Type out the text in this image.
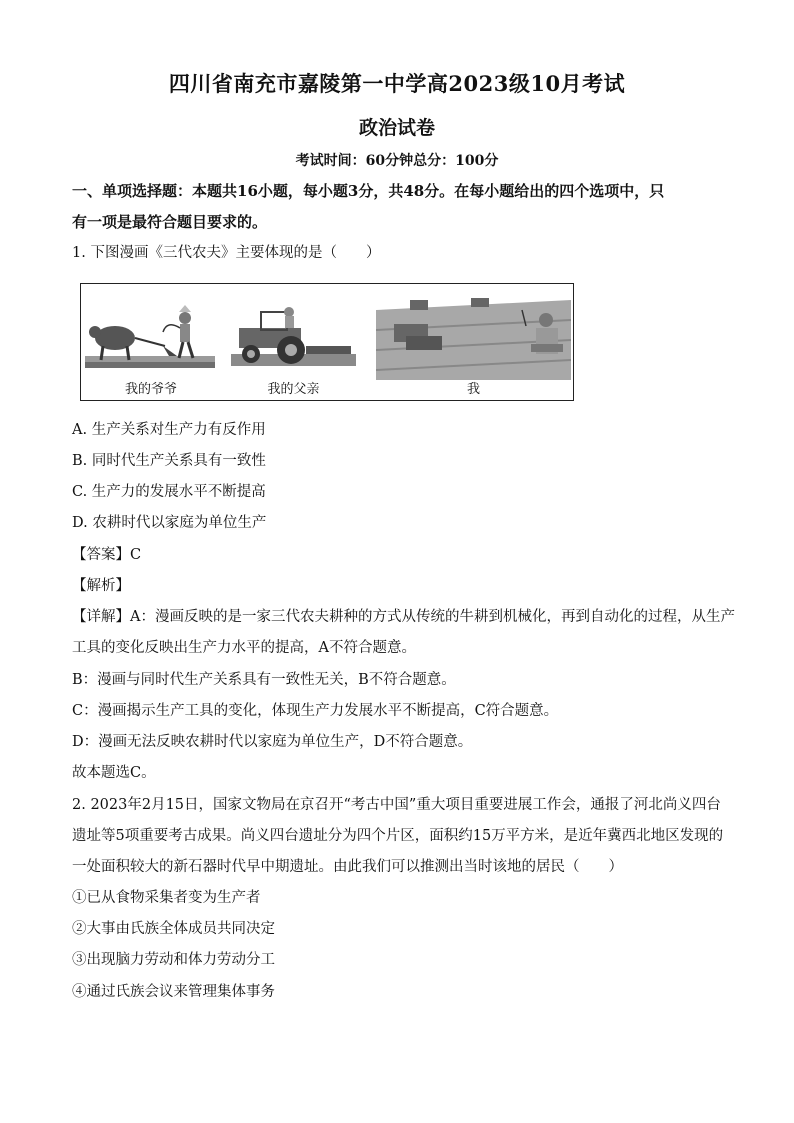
四川省南充市嘉陵第一中学高2023级10月考试
政治试卷
考试时间：60分钟总分：100分
一、单项选择题：本题共16小题，每小题3分，共48分。在每小题给出的四个选项中，只
有一项是最符合题目要求的。
1. 下图漫画《三代农夫》主要体现的是（　　）
我的爷爷	我的父亲	我
A. 生产关系对生产力有反作用
B. 同时代生产关系具有一致性
C. 生产力的发展水平不断提高
D. 农耕时代以家庭为单位生产
【答案】C
【解析】
【详解】A：漫画反映的是一家三代农夫耕种的方式从传统的牛耕到机械化，再到自动化的过程，从生产
工具的变化反映出生产力水平的提高，A不符合题意。
B：漫画与同时代生产关系具有一致性无关，B不符合题意。
C：漫画揭示生产工具的变化，体现生产力发展水平不断提高，C符合题意。
D：漫画无法反映农耕时代以家庭为单位生产，D不符合题意。
故本题选C。
2. 2023年2月15日，国家文物局在京召开“考古中国”重大项目重要进展工作会，通报了河北尚义四台
遗址等5项重要考古成果。尚义四台遗址分为四个片区，面积约15万平方米，是近年冀西北地区发现的
一处面积较大的新石器时代早中期遗址。由此我们可以推测出当时该地的居民（　　）
①已从食物采集者变为生产者
②大事由氏族全体成员共同决定
③出现脑力劳动和体力劳动分工
④通过氏族会议来管理集体事务
